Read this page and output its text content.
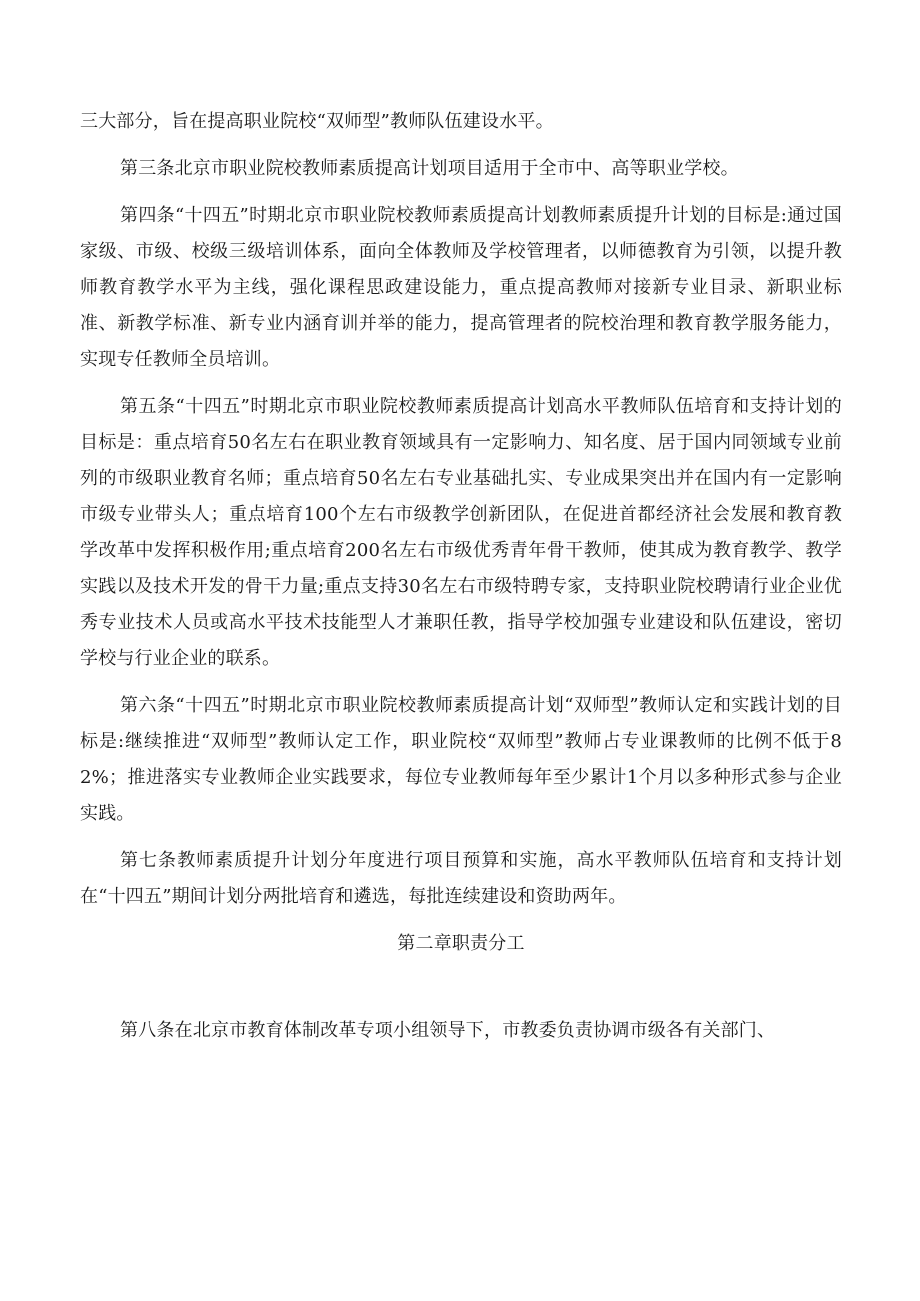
三大部分，旨在提高职业院校“双师型”教师队伍建设水平。

第三条北京市职业院校教师素质提高计划项目适用于全市中、高等职业学校。

第四条“十四五”时期北京市职业院校教师素质提高计划教师素质提升计划的目标是:通过国家级、市级、校级三级培训体系，面向全体教师及学校管理者，以师德教育为引领，以提升教师教育教学水平为主线，强化课程思政建设能力，重点提高教师对接新专业目录、新职业标准、新教学标准、新专业内涵育训并举的能力，提高管理者的院校治理和教育教学服务能力，实现专任教师全员培训。

第五条“十四五”时期北京市职业院校教师素质提高计划高水平教师队伍培育和支持计划的目标是：重点培育50名左右在职业教育领域具有一定影响力、知名度、居于国内同领域专业前列的市级职业教育名师；重点培育50名左右专业基础扎实、专业成果突出并在国内有一定影响市级专业带头人；重点培育100个左右市级教学创新团队，在促进首都经济社会发展和教育教学改革中发挥积极作用;重点培育200名左右市级优秀青年骨干教师，使其成为教育教学、教学实践以及技术开发的骨干力量;重点支持30名左右市级特聘专家，支持职业院校聘请行业企业优秀专业技术人员或高水平技术技能型人才兼职任教，指导学校加强专业建设和队伍建设，密切学校与行业企业的联系。

第六条“十四五”时期北京市职业院校教师素质提高计划“双师型”教师认定和实践计划的目标是:继续推进“双师型”教师认定工作，职业院校“双师型”教师占专业课教师的比例不低于82%；推进落实专业教师企业实践要求，每位专业教师每年至少累计1个月以多种形式参与企业实践。

第七条教师素质提升计划分年度进行项目预算和实施，高水平教师队伍培育和支持计划在“十四五”期间计划分两批培育和遴选，每批连续建设和资助两年。

第二章职责分工

第八条在北京市教育体制改革专项小组领导下，市教委负责协调市级各有关部门、
